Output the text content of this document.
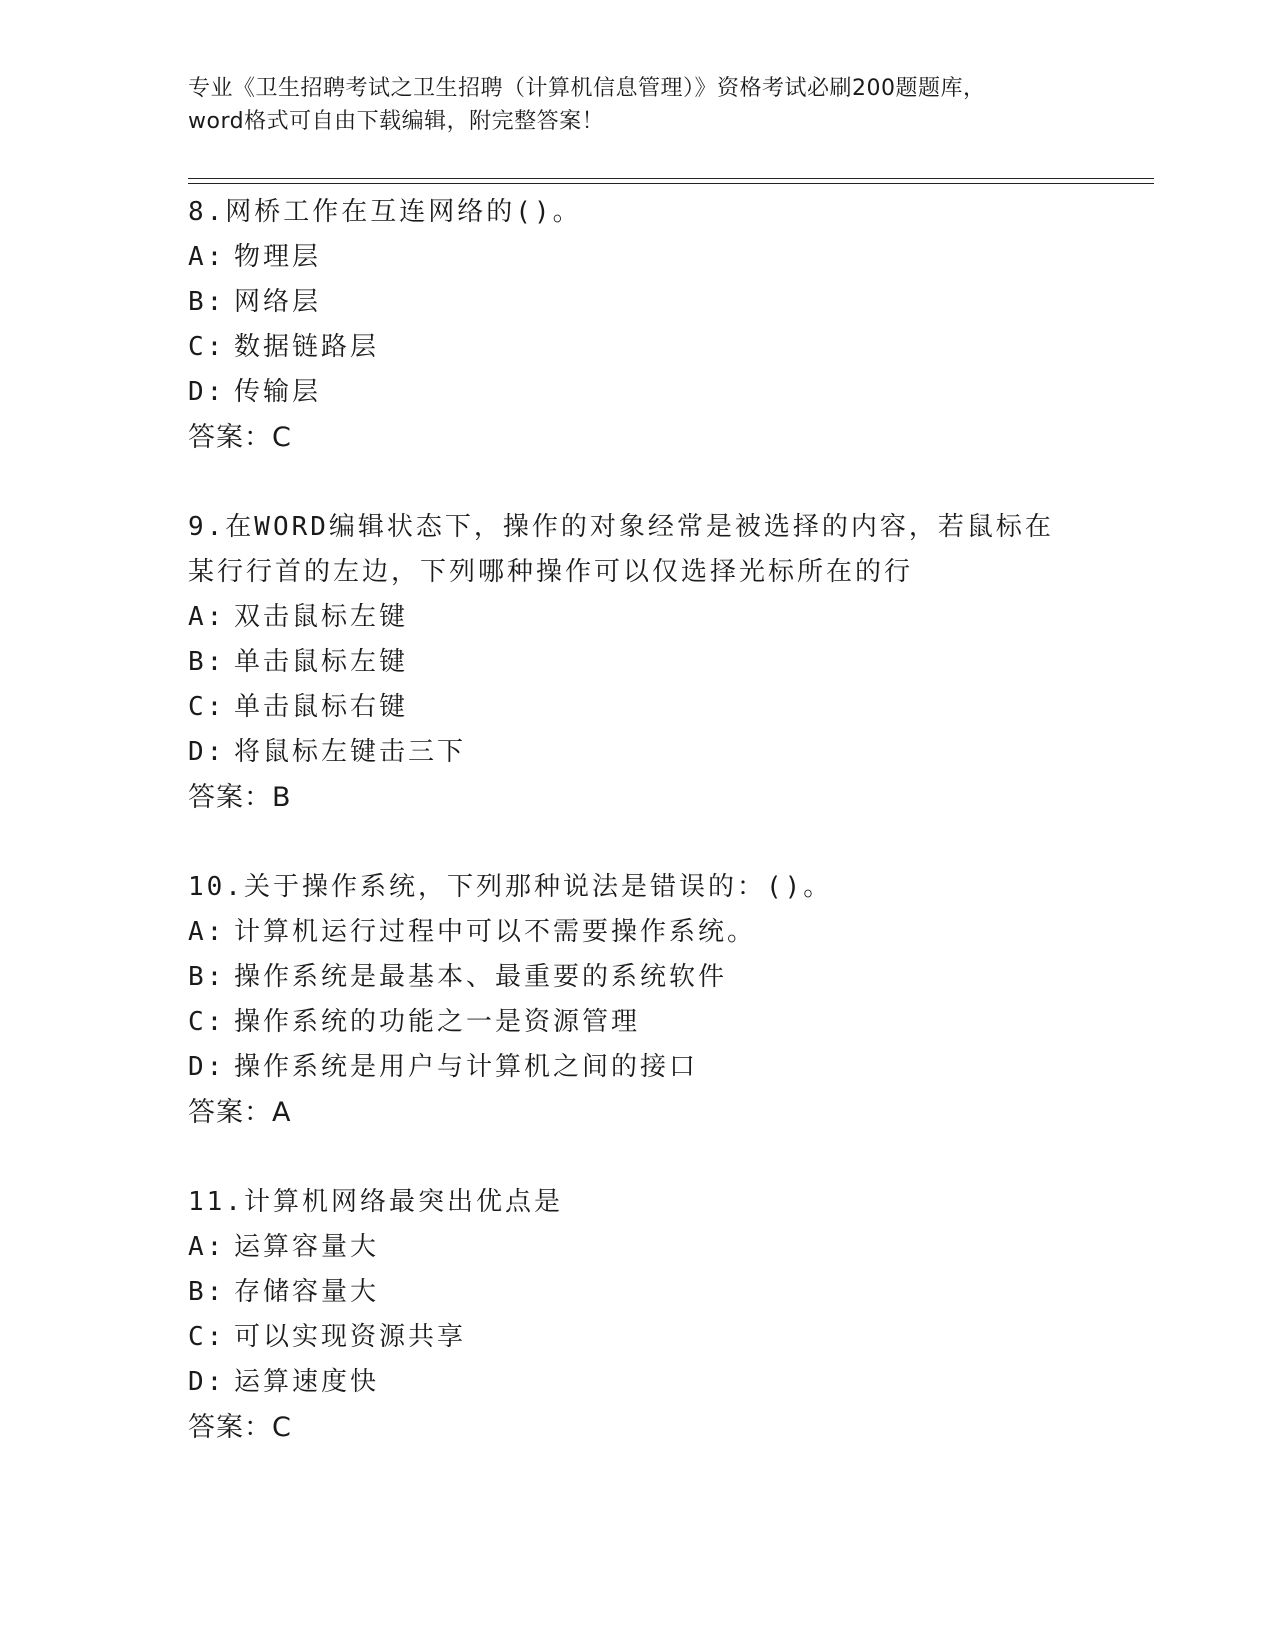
专业《卫生招聘考试之卫生招聘（计算机信息管理）》资格考试必刷200题题库，
word格式可自由下载编辑，附完整答案！
8.网桥工作在互连网络的()。
A: 物理层
B: 网络层
C: 数据链路层
D: 传输层
答案：C
9.在WORD编辑状态下，操作的对象经常是被选择的内容，若鼠标在某行行首的左边，下列哪种操作可以仅选择光标所在的行
A: 双击鼠标左键
B: 单击鼠标左键
C: 单击鼠标右键
D: 将鼠标左键击三下
答案：B
10.关于操作系统，下列那种说法是错误的：()。
A: 计算机运行过程中可以不需要操作系统。
B: 操作系统是最基本、最重要的系统软件
C: 操作系统的功能之一是资源管理
D: 操作系统是用户与计算机之间的接口
答案：A
11.计算机网络最突出优点是
A: 运算容量大
B: 存储容量大
C: 可以实现资源共享
D: 运算速度快
答案：C
